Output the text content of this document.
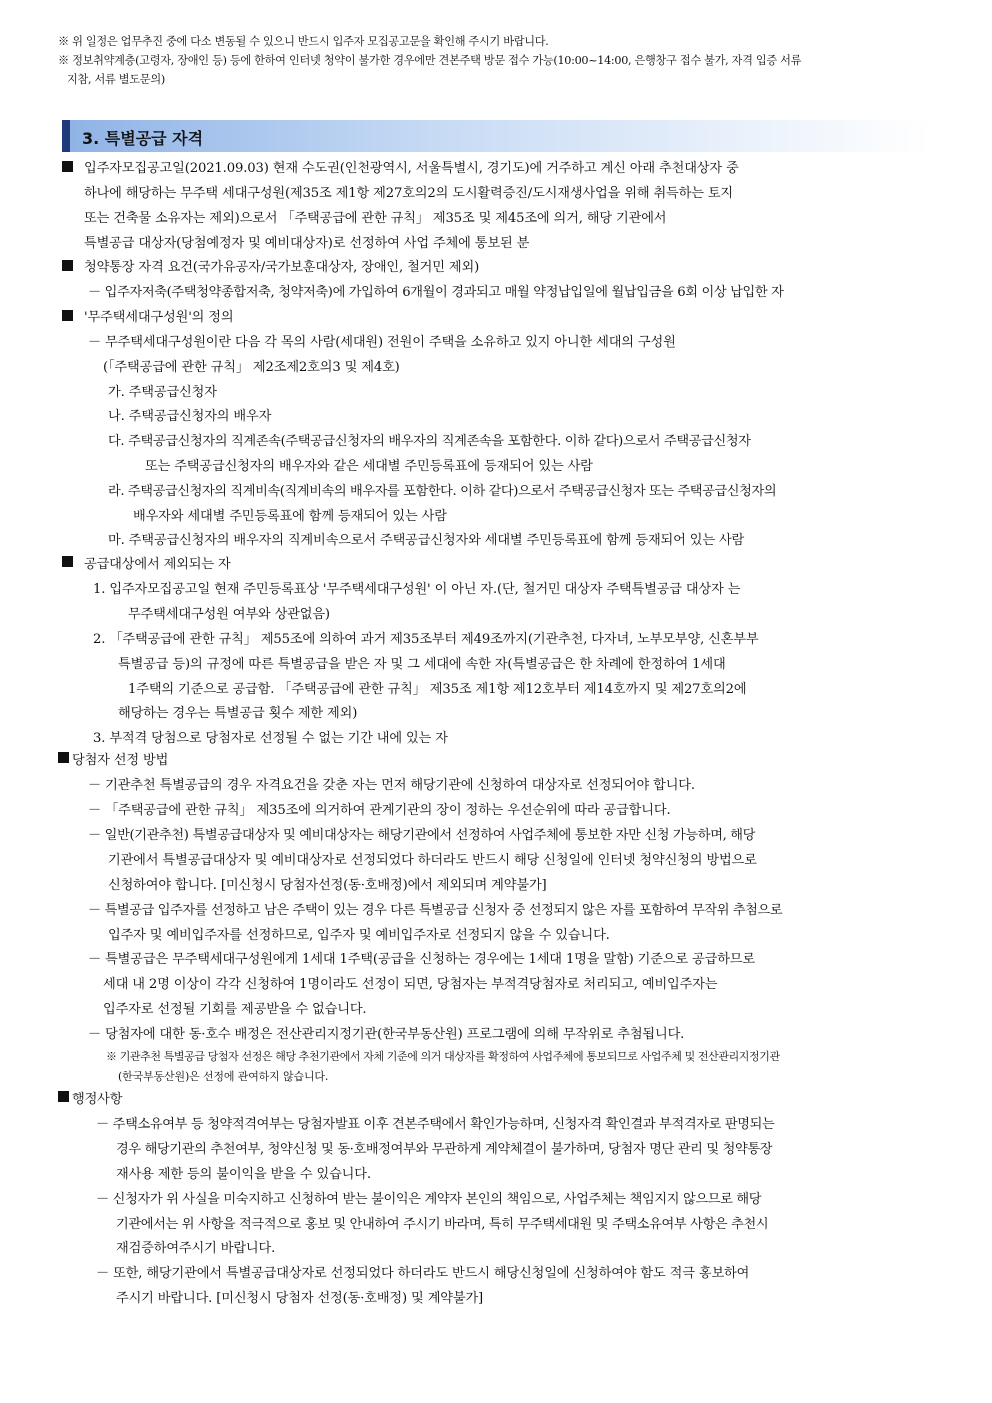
※ 위 일정은 업무추진 중에 다소 변동될 수 있으니 반드시 입주자 모집공고문을 확인해 주시기 바랍니다.
※ 정보취약계층(고령자, 장애인 등) 등에 한하여 인터넷 청약이 불가한 경우에만 견본주택 방문 접수 가능(10:00~14:00, 은행창구 접수 불가, 자격 입증 서류
지참, 서류 별도문의)
3. 특별공급 자격
입주자모집공고일(2021.09.03) 현재 수도권(인천광역시, 서울특별시, 경기도)에 거주하고 계신 아래 추천대상자 중
하나에 해당하는 무주택 세대구성원(제35조 제1항 제27호의2의 도시활력증진/도시재생사업을 위해 취득하는 토지
또는 건축물 소유자는 제외)으로서 「주택공급에 관한 규칙」 제35조 및 제45조에 의거, 해당 기관에서
특별공급 대상자(당첨예정자 및 예비대상자)로 선정하여 사업 주체에 통보된 분
청약통장 자격 요건(국가유공자/국가보훈대상자, 장애인, 철거민 제외)
－ 입주자저축(주택청약종합저축, 청약저축)에 가입하여 6개월이 경과되고 매월 약정납입일에 월납입금을 6회 이상 납입한 자
'무주택세대구성원'의 정의
－ 무주택세대구성원이란 다음 각 목의 사람(세대원) 전원이 주택을 소유하고 있지 아니한 세대의 구성원
(「주택공급에 관한 규칙」 제2조제2호의3 및 제4호)
가. 주택공급신청자
나. 주택공급신청자의 배우자
다. 주택공급신청자의 직계존속(주택공급신청자의 배우자의 직계존속을 포함한다. 이하 같다)으로서 주택공급신청자
또는 주택공급신청자의 배우자와 같은 세대별 주민등록표에 등재되어 있는 사람
라. 주택공급신청자의 직계비속(직계비속의 배우자를 포함한다. 이하 같다)으로서 주택공급신청자 또는 주택공급신청자의
배우자와 세대별 주민등록표에 함께 등재되어 있는 사람
마. 주택공급신청자의 배우자의 직계비속으로서 주택공급신청자와 세대별 주민등록표에 함께 등재되어 있는 사람
공급대상에서 제외되는 자
1. 입주자모집공고일 현재 주민등록표상 '무주택세대구성원' 이 아닌 자.(단, 철거민 대상자 주택특별공급 대상자 는
무주택세대구성원 여부와 상관없음)
2. 「주택공급에 관한 규칙」 제55조에 의하여 과거 제35조부터 제49조까지(기관추천, 다자녀, 노부모부양, 신혼부부
특별공급 등)의 규정에 따른 특별공급을 받은 자 및 그 세대에 속한 자(특별공급은 한 차례에 한정하여 1세대
1주택의 기준으로 공급함. 「주택공급에 관한 규칙」 제35조 제1항 제12호부터 제14호까지 및 제27호의2에
해당하는 경우는 특별공급 횟수 제한 제외)
3. 부적격 당첨으로 당첨자로 선정될 수 없는 기간 내에 있는 자
당첨자 선정 방법
－ 기관추천 특별공급의 경우 자격요건을 갖춘 자는 먼저 해당기관에 신청하여 대상자로 선정되어야 합니다.
－ 「주택공급에 관한 규칙」 제35조에 의거하여 관계기관의 장이 정하는 우선순위에 따라 공급합니다.
－ 일반(기관추천) 특별공급대상자 및 예비대상자는 해당기관에서 선정하여 사업주체에 통보한 자만 신청 가능하며, 해당
기관에서 특별공급대상자 및 예비대상자로 선정되었다 하더라도 반드시 해당 신청일에 인터넷 청약신청의 방법으로
신청하여야 합니다. [미신청시 당첨자선정(동·호배정)에서 제외되며 계약불가]
－ 특별공급 입주자를 선정하고 남은 주택이 있는 경우 다른 특별공급 신청자 중 선정되지 않은 자를 포함하여 무작위 추첨으로
입주자 및 예비입주자를 선정하므로, 입주자 및 예비입주자로 선정되지 않을 수 있습니다.
－ 특별공급은 무주택세대구성원에게 1세대 1주택(공급을 신청하는 경우에는 1세대 1명을 말함) 기준으로 공급하므로
세대 내 2명 이상이 각각 신청하여 1명이라도 선정이 되면, 당첨자는 부적격당첨자로 처리되고, 예비입주자는
입주자로 선정될 기회를 제공받을 수 없습니다.
－ 당첨자에 대한 동·호수 배정은 전산관리지정기관(한국부동산원) 프로그램에 의해 무작위로 추첨됩니다.
※ 기관추천 특별공급 당첨자 선정은 해당 추천기관에서 자체 기준에 의거 대상자를 확정하여 사업주체에 통보되므로 사업주체 및 전산관리지정기관
(한국부동산원)은 선정에 관여하지 않습니다.
행정사항
－ 주택소유여부 등 청약적격여부는 당첨자발표 이후 견본주택에서 확인가능하며, 신청자격 확인결과 부적격자로 판명되는
경우 해당기관의 추천여부, 청약신청 및 동·호배정여부와 무관하게 계약체결이 불가하며, 당첨자 명단 관리 및 청약통장
재사용 제한 등의 불이익을 받을 수 있습니다.
－ 신청자가 위 사실을 미숙지하고 신청하여 받는 불이익은 계약자 본인의 책임으로, 사업주체는 책임지지 않으므로 해당
기관에서는 위 사항을 적극적으로 홍보 및 안내하여 주시기 바라며, 특히 무주택세대원 및 주택소유여부 사항은 추천시
재검증하여주시기 바랍니다.
－ 또한, 해당기관에서 특별공급대상자로 선정되었다 하더라도 반드시 해당신청일에 신청하여야 함도 적극 홍보하여
주시기 바랍니다. [미신청시 당첨자 선정(동·호배정) 및 계약불가]
